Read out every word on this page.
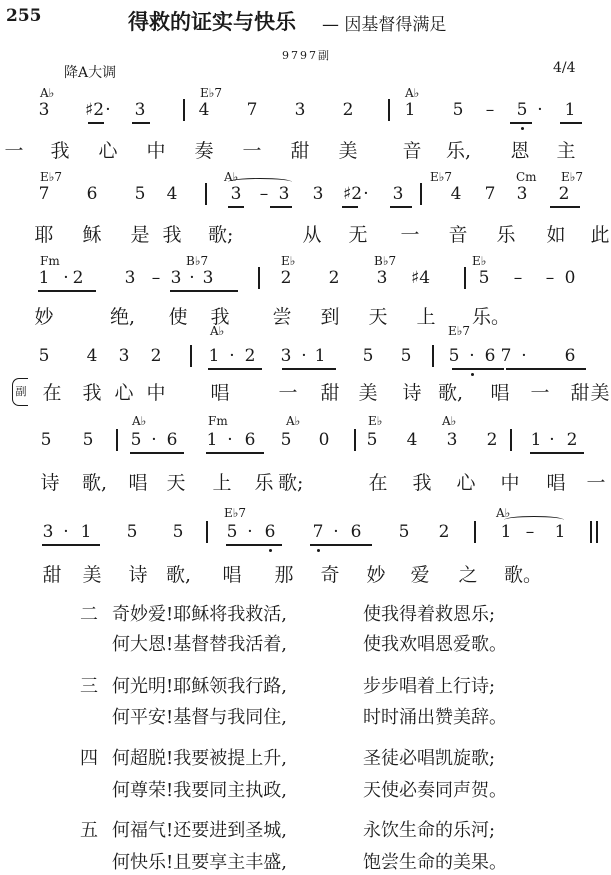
255	得救的证实与快乐 — 因基督得满足
9797副
降A大调	4/4
副
A♭	E♭7	A♭
3 ♯2 · 3	4 7 3 2	1 5 – 5 · 1
一 我 心 中 奏 一 甜 美 音 乐, 恩 主
E♭7	A♭	E♭7	Cm E♭7
7 6 5 4	3 – 3 3 ♯2 · 3	4 7 3 2
耶 稣 是 我 歌;	从 无 一 音 乐 如 此
Fm	B♭7	E♭	B♭7	E♭
1 · 2 3 – 3 · 3	2 2 3 ♯4	5 – – 0
妙	绝, 使 我 尝 到 天 上 乐。
A♭	E♭7
5 4 3 2	1 · 2 3 · 1 5 5 5 · 6 7 · 6
在 我 心 中 唱	一 甜 美 诗 歌, 唱 一 甜 美
A♭	Fm	A♭	E♭	A♭
5 5 5 · 6 1 · 6 5 0 5 4 3 2 1 · 2
诗 歌, 唱 天 上 乐 歌;	在 我 心 中 唱 一
E♭7	A♭
3 · 1 5 5	5 · 6 7 · 6 5 2	1 – 1
甜 美 诗 歌, 唱 那 奇 妙 爱 之 歌。
二 奇妙爱!耶稣将我救活,	使我得着救恩乐;
何大恩!基督替我活着,	使我欢唱恩爱歌。
三 何光明!耶稣领我行路,	步步唱着上行诗;
何平安!基督与我同住,	时时涌出赞美辞。
四 何超脱!我要被提上升,	圣徒必唱凯旋歌;
何尊荣!我要同主执政,	天使必奏同声贺。
五 何福气!还要进到圣城,	永饮生命的乐河;
何快乐!且要享主丰盛,	饱尝生命的美果。
